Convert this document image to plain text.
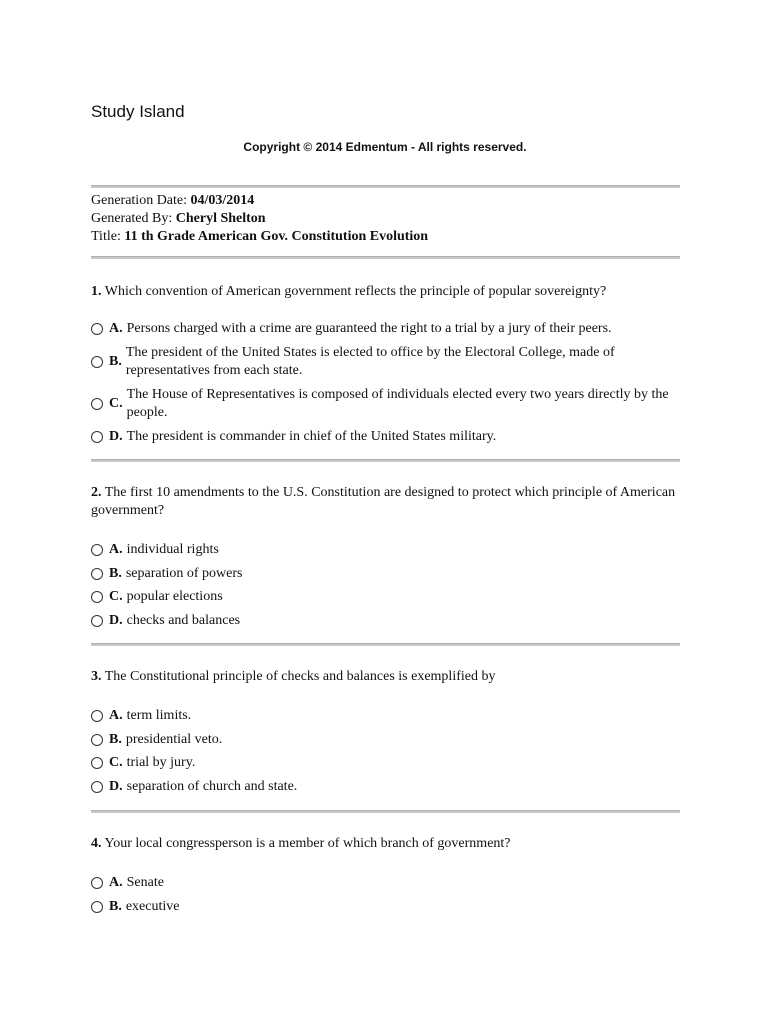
Study Island
Copyright © 2014 Edmentum - All rights reserved.
Generation Date: 04/03/2014
Generated By: Cheryl Shelton
Title: 11 th Grade American Gov. Constitution Evolution
1. Which convention of American government reflects the principle of popular sovereignty?
A. Persons charged with a crime are guaranteed the right to a trial by a jury of their peers.
B.
The president of the United States is elected to office by the Electoral College, made of representatives from each state.
C.
The House of Representatives is composed of individuals elected every two years directly by the people.
D. The president is commander in chief of the United States military.
2. The first 10 amendments to the U.S. Constitution are designed to protect which principle of American government?
A. individual rights
B. separation of powers
C. popular elections
D. checks and balances
3. The Constitutional principle of checks and balances is exemplified by
A. term limits.
B. presidential veto.
C. trial by jury.
D. separation of church and state.
4. Your local congressperson is a member of which branch of government?
A. Senate
B. executive
